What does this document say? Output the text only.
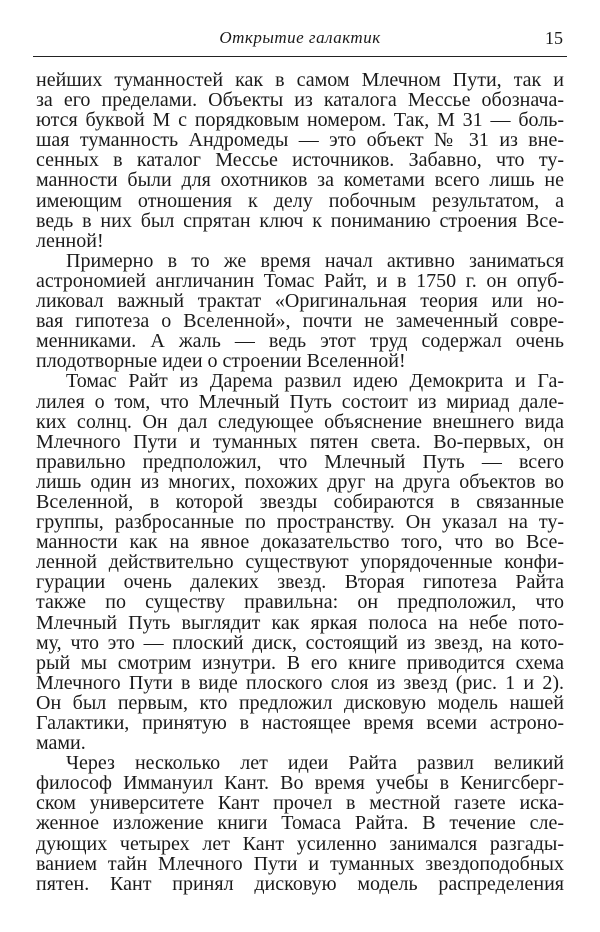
Открытие галактик	15
нейших туманностей как в самом Млечном Пути, так и
за его пределами. Объекты из каталога Мессье обознача-
ются буквой М с порядковым номером. Так, М 31 — боль-
шая туманность Андромеды — это объект № 31 из вне-
сенных в каталог Мессье источников. Забавно, что ту-
манности были для охотников за кометами всего лишь не
имеющим отношения к делу побочным результатом, а
ведь в них был спрятан ключ к пониманию строения Все-
ленной!
Примерно в то же время начал активно заниматься
астрономией англичанин Томас Райт, и в 1750 г. он опуб-
ликовал важный трактат «Оригинальная теория или но-
вая гипотеза о Вселенной», почти не замеченный совре-
менниками. А жаль — ведь этот труд содержал очень
плодотворные идеи о строении Вселенной!
Томас Райт из Дарема развил идею Демокрита и Га-
лилея о том, что Млечный Путь состоит из мириад дале-
ких солнц. Он дал следующее объяснение внешнего вида
Млечного Пути и туманных пятен света. Во-первых, он
правильно предположил, что Млечный Путь — всего
лишь один из многих, похожих друг на друга объектов во
Вселенной, в которой звезды собираются в связанные
группы, разбросанные по пространству. Он указал на ту-
манности как на явное доказательство того, что во Все-
ленной действительно существуют упорядоченные конфи-
гурации очень далеких звезд. Вторая гипотеза Райта
также по существу правильна: он предположил, что
Млечный Путь выглядит как яркая полоса на небе пото-
му, что это — плоский диск, состоящий из звезд, на кото-
рый мы смотрим изнутри. В его книге приводится схема
Млечного Пути в виде плоского слоя из звезд (рис. 1 и 2).
Он был первым, кто предложил дисковую модель нашей
Галактики, принятую в настоящее время всеми астроно-
мами.
Через несколько лет идеи Райта развил великий
философ Иммануил Кант. Во время учебы в Кенигсберг-
ском университете Кант прочел в местной газете иска-
женное изложение книги Томаса Райта. В течение сле-
дующих четырех лет Кант усиленно занимался разгады-
ванием тайн Млечного Пути и туманных звездоподобных
пятен. Кант принял дисковую модель распределения
